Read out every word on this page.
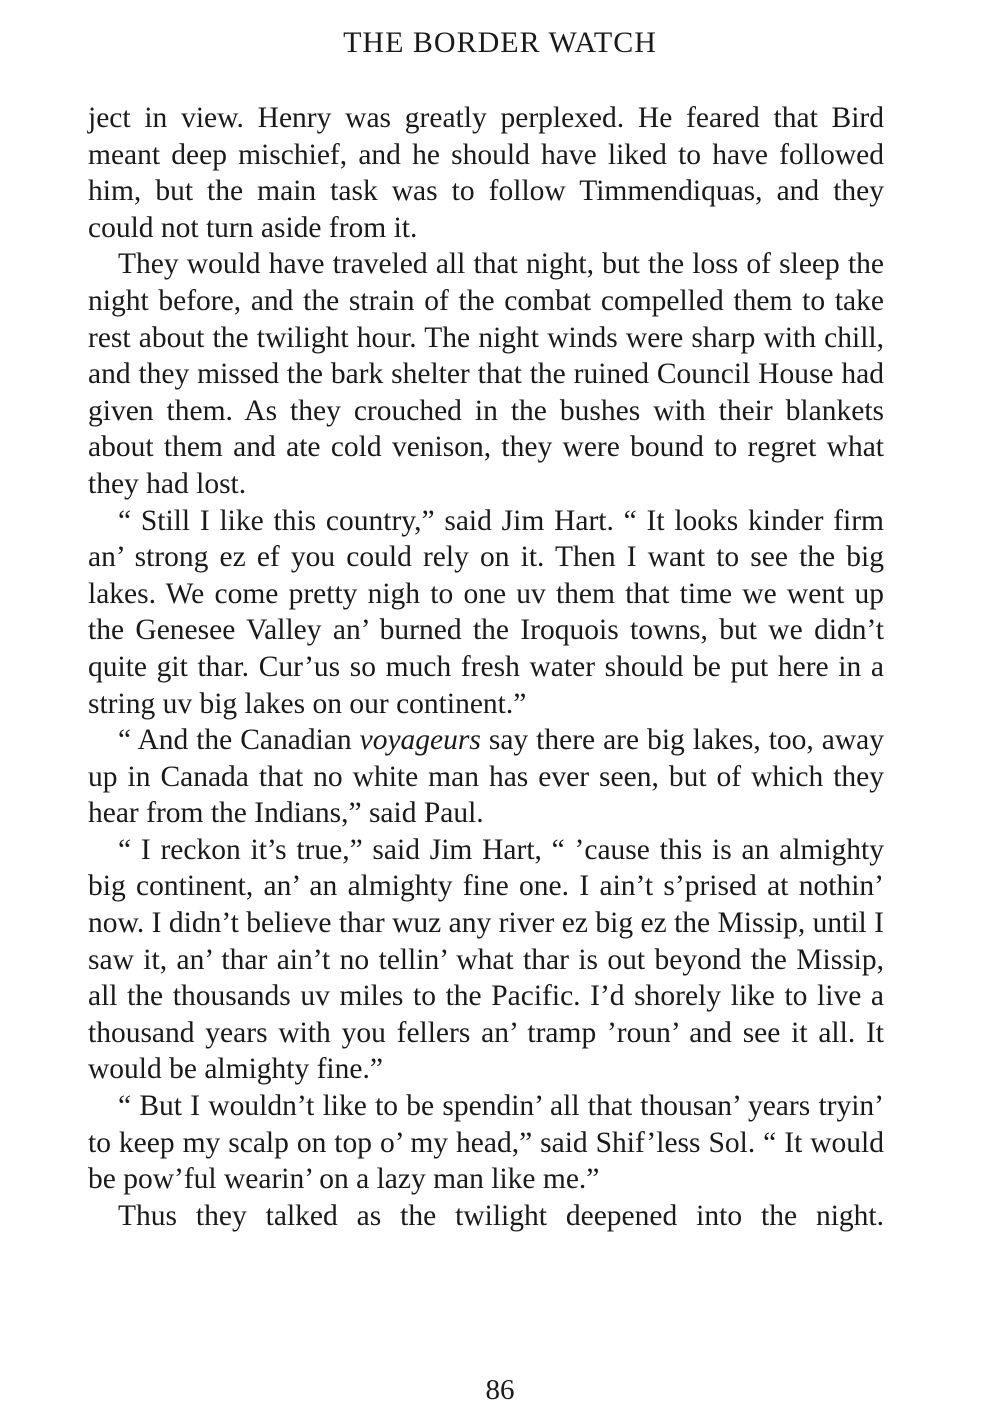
THE BORDER WATCH

ject in view. Henry was greatly perplexed. He feared that Bird meant deep mischief, and he should have liked to have followed him, but the main task was to follow Timmendiquas, and they could not turn aside from it.

They would have traveled all that night, but the loss of sleep the night before, and the strain of the combat compelled them to take rest about the twilight hour. The night winds were sharp with chill, and they missed the bark shelter that the ruined Council House had given them. As they crouched in the bushes with their blankets about them and ate cold venison, they were bound to regret what they had lost.

“ Still I like this country,” said Jim Hart. “ It looks kinder firm an’ strong ez ef you could rely on it. Then I want to see the big lakes. We come pretty nigh to one uv them that time we went up the Genesee Valley an’ burned the Iroquois towns, but we didn’t quite git thar. Cur’us so much fresh water should be put here in a string uv big lakes on our continent.”

“ And the Canadian voyageurs say there are big lakes, too, away up in Canada that no white man has ever seen, but of which they hear from the Indians,” said Paul.

“ I reckon it’s true,” said Jim Hart, “ ’cause this is an almighty big continent, an’ an almighty fine one. I ain’t s’prised at nothin’ now. I didn’t believe thar wuz any river ez big ez the Missip, until I saw it, an’ thar ain’t no tellin’ what thar is out beyond the Missip, all the thousands uv miles to the Pacific. I’d shorely like to live a thousand years with you fellers an’ tramp ’roun’ and see it all. It would be almighty fine.”

“ But I wouldn’t like to be spendin’ all that thousan’ years tryin’ to keep my scalp on top o’ my head,” said Shif’less Sol. “ It would be pow’ful wearin’ on a lazy man like me.”

Thus they talked as the twilight deepened into the night.

86
